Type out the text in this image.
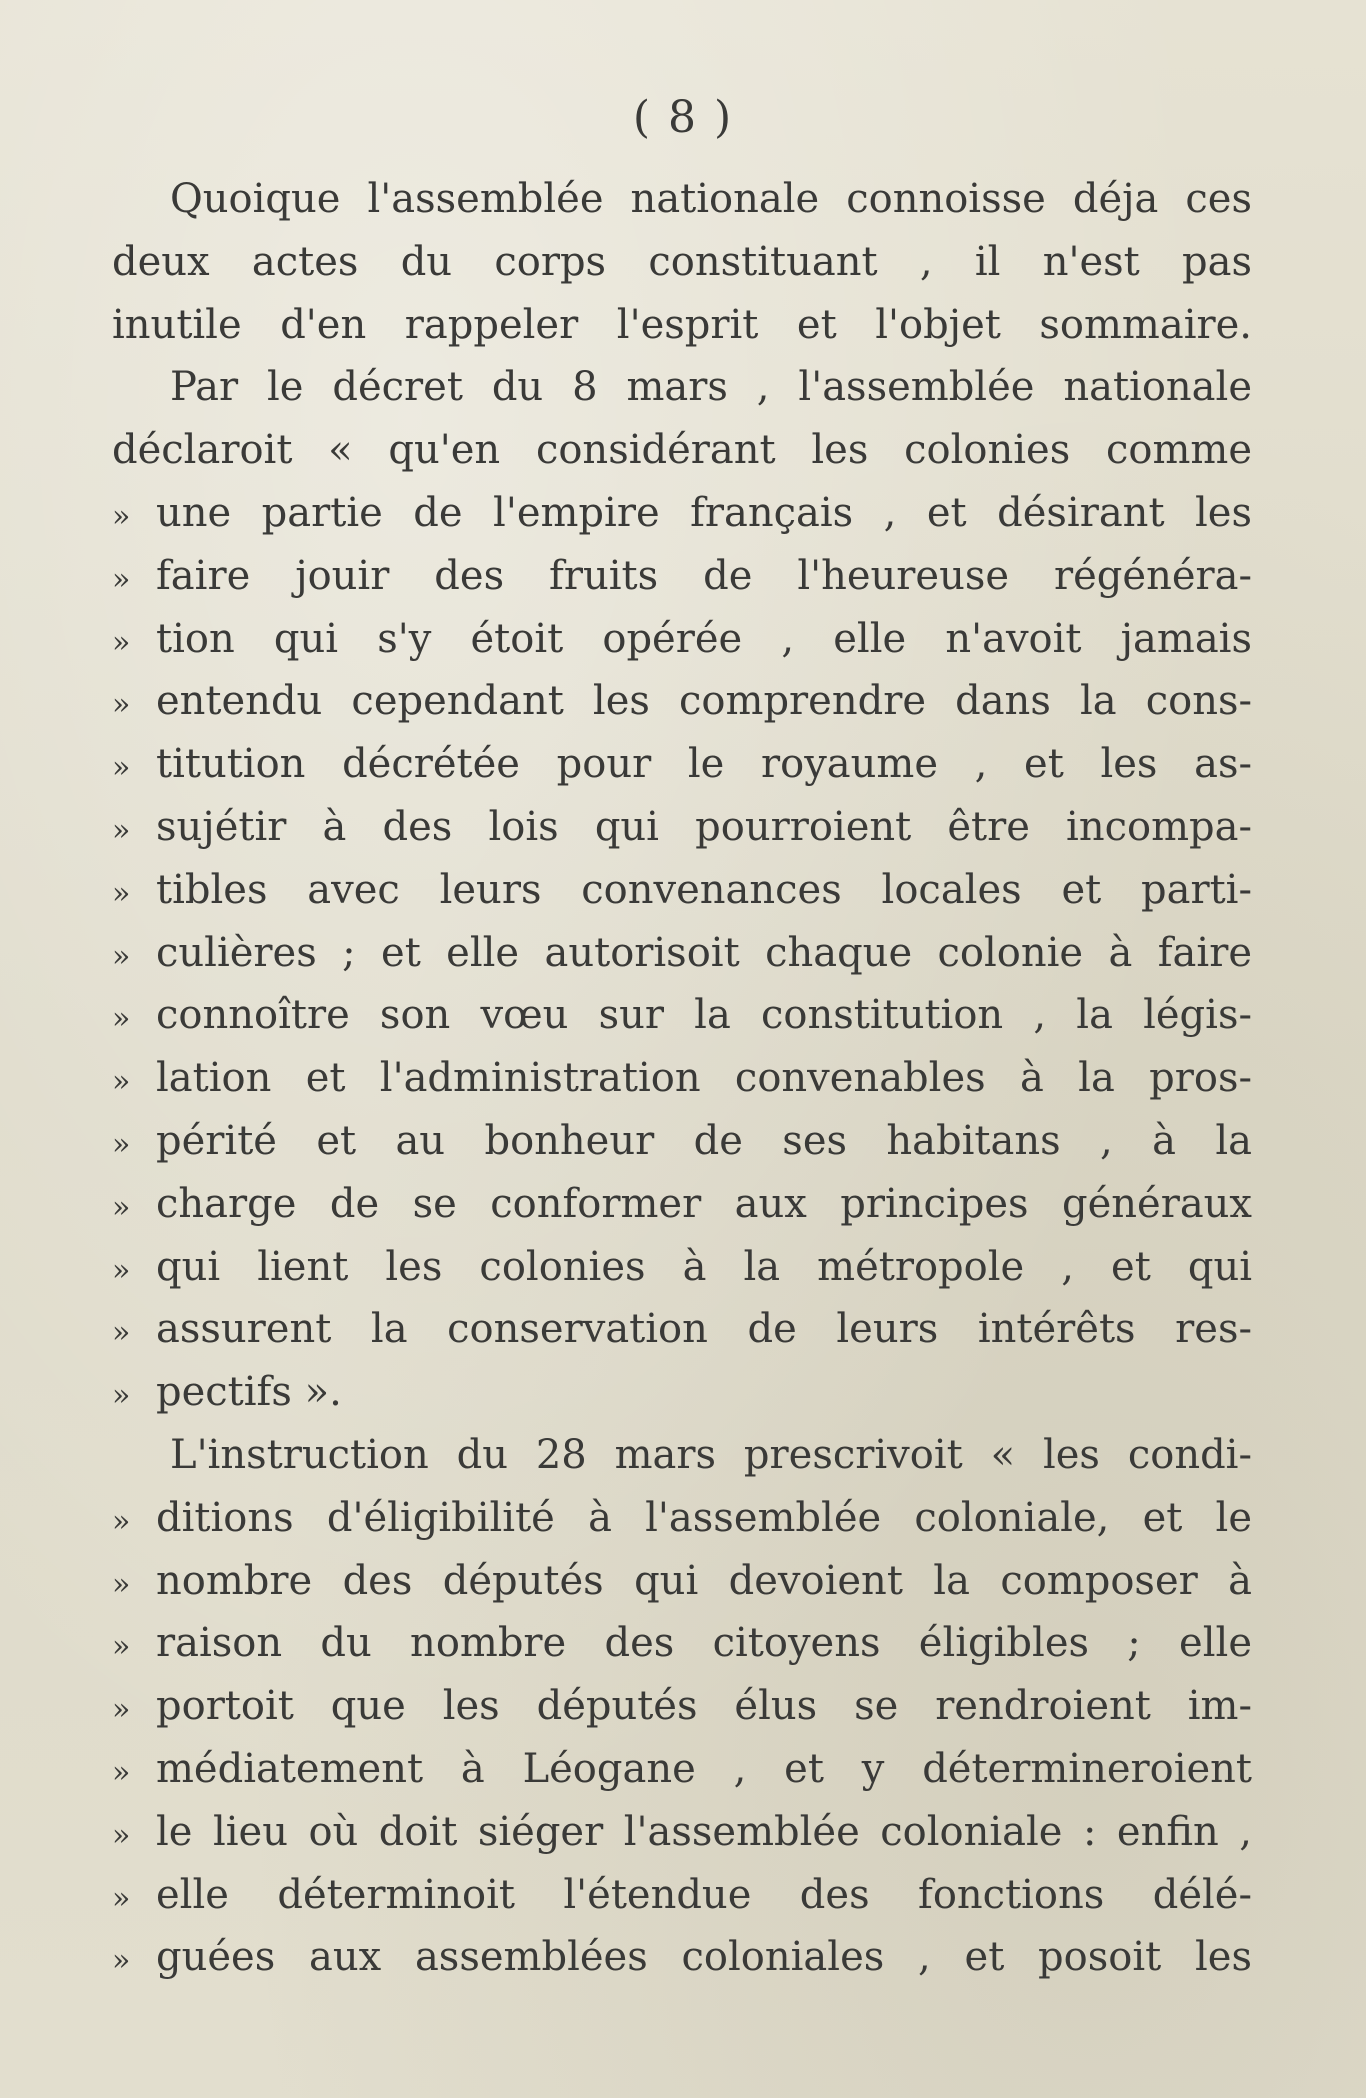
( 8 )
Quoique l'assemblée nationale connoisse déja ces
deux actes du corps constituant , il n'est pas
inutile d'en rappeler l'esprit et l'objet sommaire.
Par le décret du 8 mars , l'assemblée nationale
déclaroit « qu'en considérant les colonies comme
» une partie de l'empire français , et désirant les
» faire jouir des fruits de l'heureuse régénéra-
» tion qui s'y étoit opérée , elle n'avoit jamais
» entendu cependant les comprendre dans la cons-
» titution décrétée pour le royaume , et les as-
» sujétir à des lois qui pourroient être incompa-
» tibles avec leurs convenances locales et parti-
» culières ; et elle autorisoit chaque colonie à faire
» connoître son vœu sur la constitution , la légis-
» lation et l'administration convenables à la pros-
» périté et au bonheur de ses habitans , à la
» charge de se conformer aux principes généraux
» qui lient les colonies à la métropole , et qui
» assurent la conservation de leurs intérêts res-
» pectifs ».
L'instruction du 28 mars prescrivoit « les condi-
» ditions d'éligibilité à l'assemblée coloniale, et le
» nombre des députés qui devoient la composer à
» raison du nombre des citoyens éligibles ; elle
» portoit que les députés élus se rendroient im-
» médiatement à Léogane , et y détermineroient
» le lieu où doit siéger l'assemblée coloniale : enfin ,
» elle déterminoit l'étendue des fonctions délé-
» guées aux assemblées coloniales , et posoit les
